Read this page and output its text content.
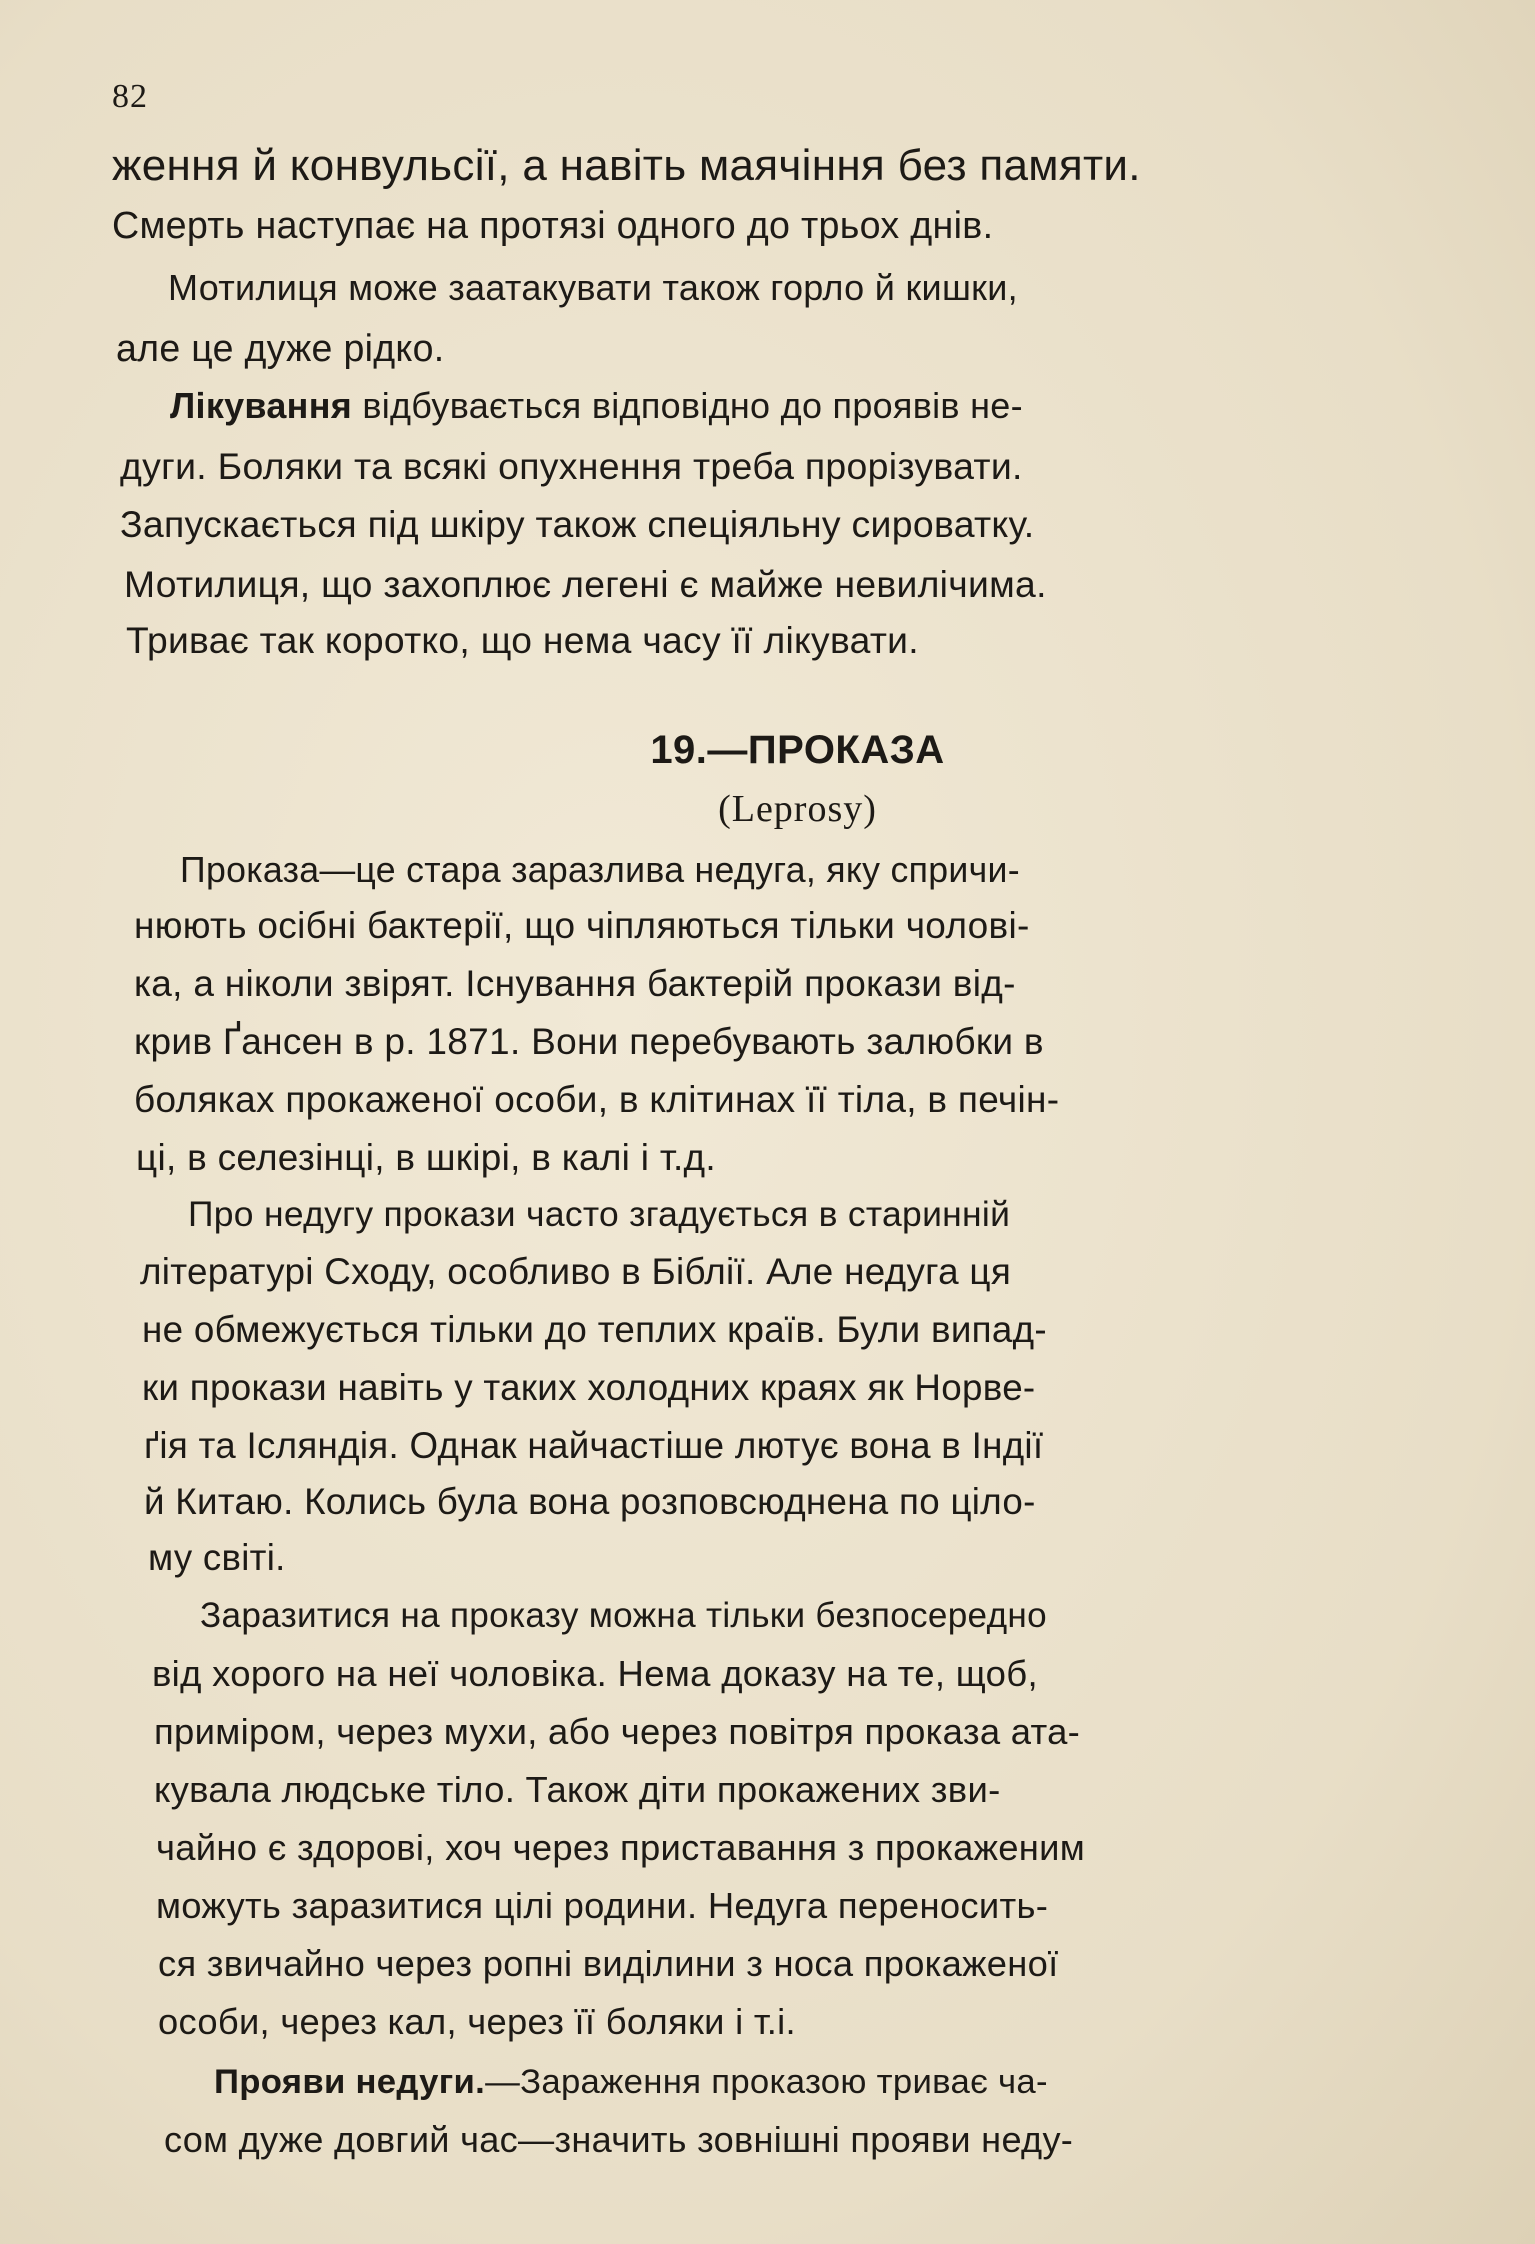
82
ження й конвульсії, а навіть маячіння без памяти.
Смерть наступає на протязі одного до трьох днів.
Мотилиця може заатакувати також горло й кишки,
але це дуже рідко.
Лікування відбувається відповідно до проявів не-
дуги. Боляки та всякі опухнення треба прорізувати.
Запускається під шкіру також спеціяльну сироватку.
Мотилиця, що захоплює легені є майже невилічима.
Триває так коротко, що нема часу її лікувати.
19.—ПРОКАЗА
(Leprosy)
Проказа—це стара заразлива недуга, яку спричи-
нюють осібні бактерії, що чіпляються тільки чолові-
ка, а ніколи звірят. Існування бактерій прокази від-
крив Ґансен в р. 1871. Вони перебувають залюбки в
боляках прокаженої особи, в клітинах її тіла, в печін-
ці, в селезінці, в шкірі, в калі і т.д.
Про недугу прокази часто згадується в старинній
літературі Сходу, особливо в Біблії. Але недуга ця
не обмежується тільки до теплих країв. Були випад-
ки прокази навіть у таких холодних краях як Норве-
ґія та Ісляндія. Однак найчастіше лютує вона в Індії
й Китаю. Колись була вона розповсюднена по ціло-
му світі.
Заразитися на проказу можна тільки безпосередно
від хорого на неї чоловіка. Нема доказу на те, щоб,
приміром, через мухи, або через повітря проказа ата-
кувала людське тіло. Також діти прокажених зви-
чайно є здорові, хоч через приставання з прокаженим
можуть заразитися цілі родини. Недуга переносить-
ся звичайно через ропні виділини з носа прокаженої
особи, через кал, через її боляки і т.і.
Прояви недуги.—Зараження проказою триває ча-
сом дуже довгий час—значить зовнішні прояви неду-
